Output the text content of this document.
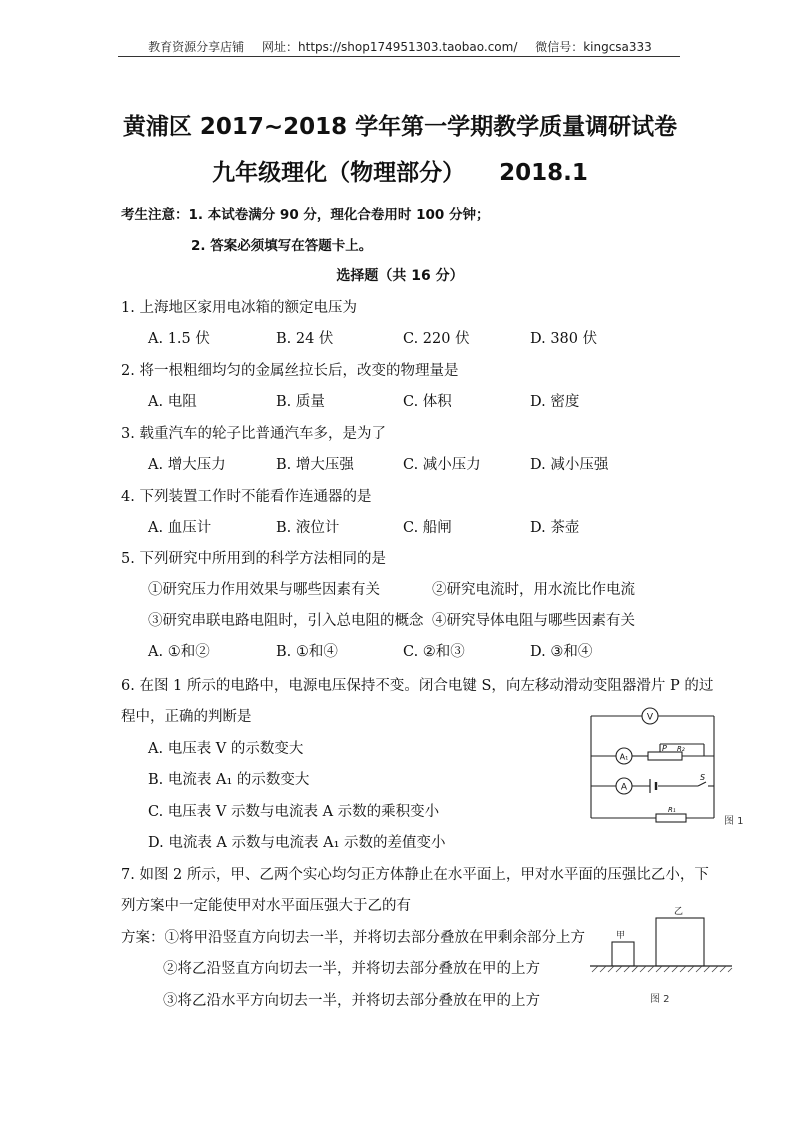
教育资源分享店铺 网址：https://shop174951303.taobao.com/ 微信号：kingcsa333
黄浦区 2017~2018 学年第一学期教学质量调研试卷
九年级理化（物理部分） 2018.1
考生注意：1. 本试卷满分 90 分，理化合卷用时 100 分钟；
2. 答案必须填写在答题卡上。
选择题（共 16 分）
1. 上海地区家用电冰箱的额定电压为
A. 1.5 伏	B. 24 伏	C. 220 伏	D. 380 伏
2. 将一根粗细均匀的金属丝拉长后，改变的物理量是
A. 电阻	B. 质量	C. 体积	D. 密度
3. 载重汽车的轮子比普通汽车多，是为了
A. 增大压力	B. 增大压强	C. 减小压力	D. 减小压强
4. 下列装置工作时不能看作连通器的是
A. 血压计	B. 液位计	C. 船闸	D. 茶壶
5. 下列研究中所用到的科学方法相同的是
①研究压力作用效果与哪些因素有关	②研究电流时，用水流比作电流
③研究串联电路电阻时，引入总电阻的概念 ④研究导体电阻与哪些因素有关
A. ①和②	B. ①和④	C. ②和③	D. ③和④
6. 在图 1 所示的电路中，电源电压保持不变。闭合电键 S，向左移动滑动变阻器滑片 P 的过
程中，正确的判断是
A. 电压表 V 的示数变大
B. 电流表 A₁ 的示数变大
C. 电压表 V 示数与电流表 A 示数的乘积变小
D. 电流表 A 示数与电流表 A₁ 示数的差值变小
V
A₁
A
P R₂
S
R₁
图 1
7. 如图 2 所示，甲、乙两个实心均匀正方体静止在水平面上，甲对水平面的压强比乙小，下
列方案中一定能使甲对水平面压强大于乙的有
方案：①将甲沿竖直方向切去一半，并将切去部分叠放在甲剩余部分上方
②将乙沿竖直方向切去一半，并将切去部分叠放在甲的上方
③将乙沿水平方向切去一半，并将切去部分叠放在甲的上方
甲
乙
图 2
